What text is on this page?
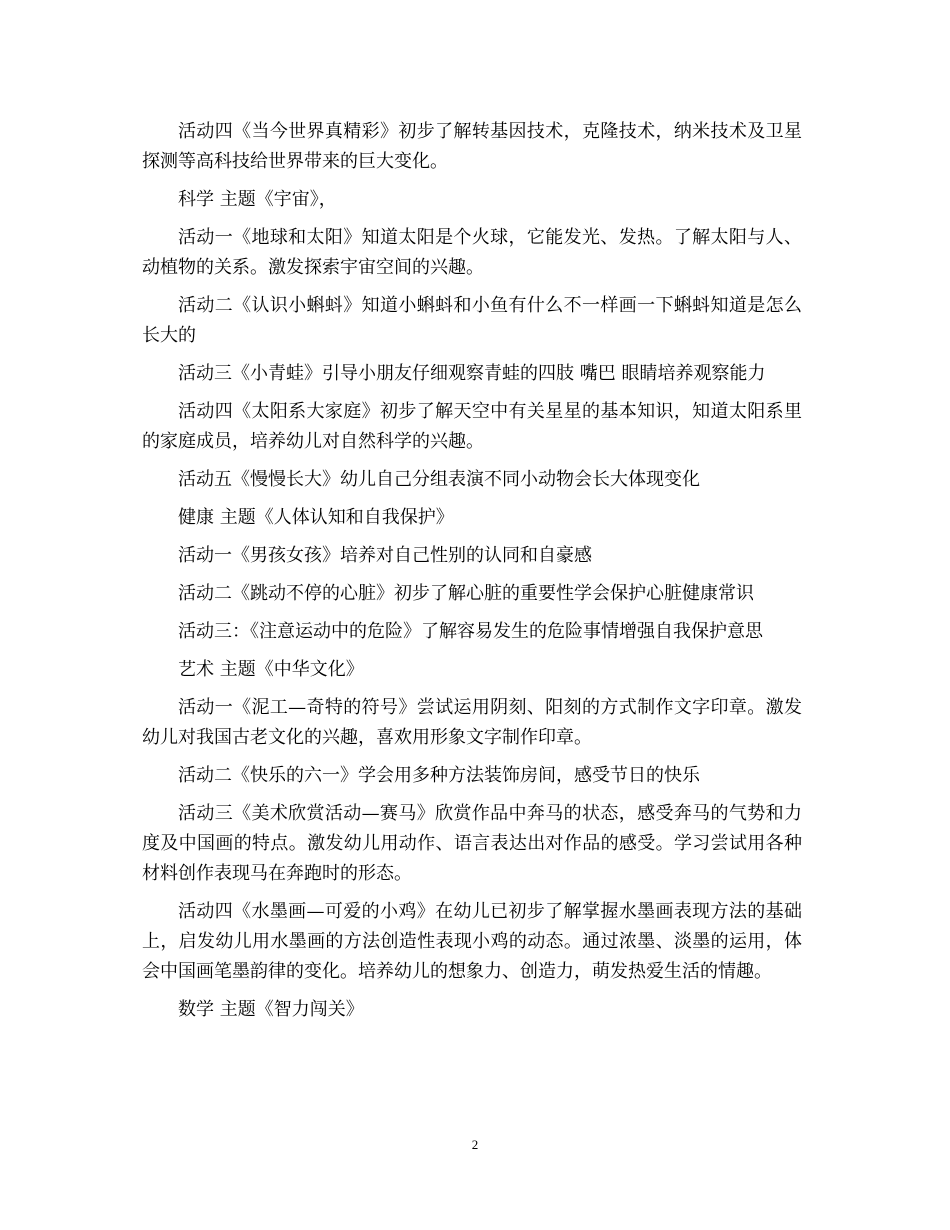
活动四《当今世界真精彩》初步了解转基因技术，克隆技术，纳米技术及卫星探测等高科技给世界带来的巨大变化。

科学 主题《宇宙》，

活动一《地球和太阳》知道太阳是个火球，它能发光、发热。了解太阳与人、动植物的关系。激发探索宇宙空间的兴趣。

活动二《认识小蝌蚪》知道小蝌蚪和小鱼有什么不一样画一下蝌蚪知道是怎么长大的

活动三《小青蛙》引导小朋友仔细观察青蛙的四肢 嘴巴 眼睛培养观察能力

活动四《太阳系大家庭》初步了解天空中有关星星的基本知识，知道太阳系里的家庭成员，培养幼儿对自然科学的兴趣。

活动五《慢慢长大》幼儿自己分组表演不同小动物会长大体现变化

健康 主题《人体认知和自我保护》

活动一《男孩女孩》培养对自己性别的认同和自豪感

活动二《跳动不停的心脏》初步了解心脏的重要性学会保护心脏健康常识

活动三：《注意运动中的危险》了解容易发生的危险事情增强自我保护意思

艺术 主题《中华文化》

活动一《泥工—奇特的符号》尝试运用阴刻、阳刻的方式制作文字印章。激发幼儿对我国古老文化的兴趣，喜欢用形象文字制作印章。

活动二《快乐的六一》学会用多种方法装饰房间，感受节日的快乐

活动三《美术欣赏活动—赛马》欣赏作品中奔马的状态，感受奔马的气势和力度及中国画的特点。激发幼儿用动作、语言表达出对作品的感受。学习尝试用各种材料创作表现马在奔跑时的形态。

活动四《水墨画—可爱的小鸡》在幼儿已初步了解掌握水墨画表现方法的基础上，启发幼儿用水墨画的方法创造性表现小鸡的动态。通过浓墨、淡墨的运用，体会中国画笔墨韵律的变化。培养幼儿的想象力、创造力，萌发热爱生活的情趣。

数学 主题《智力闯关》

2
